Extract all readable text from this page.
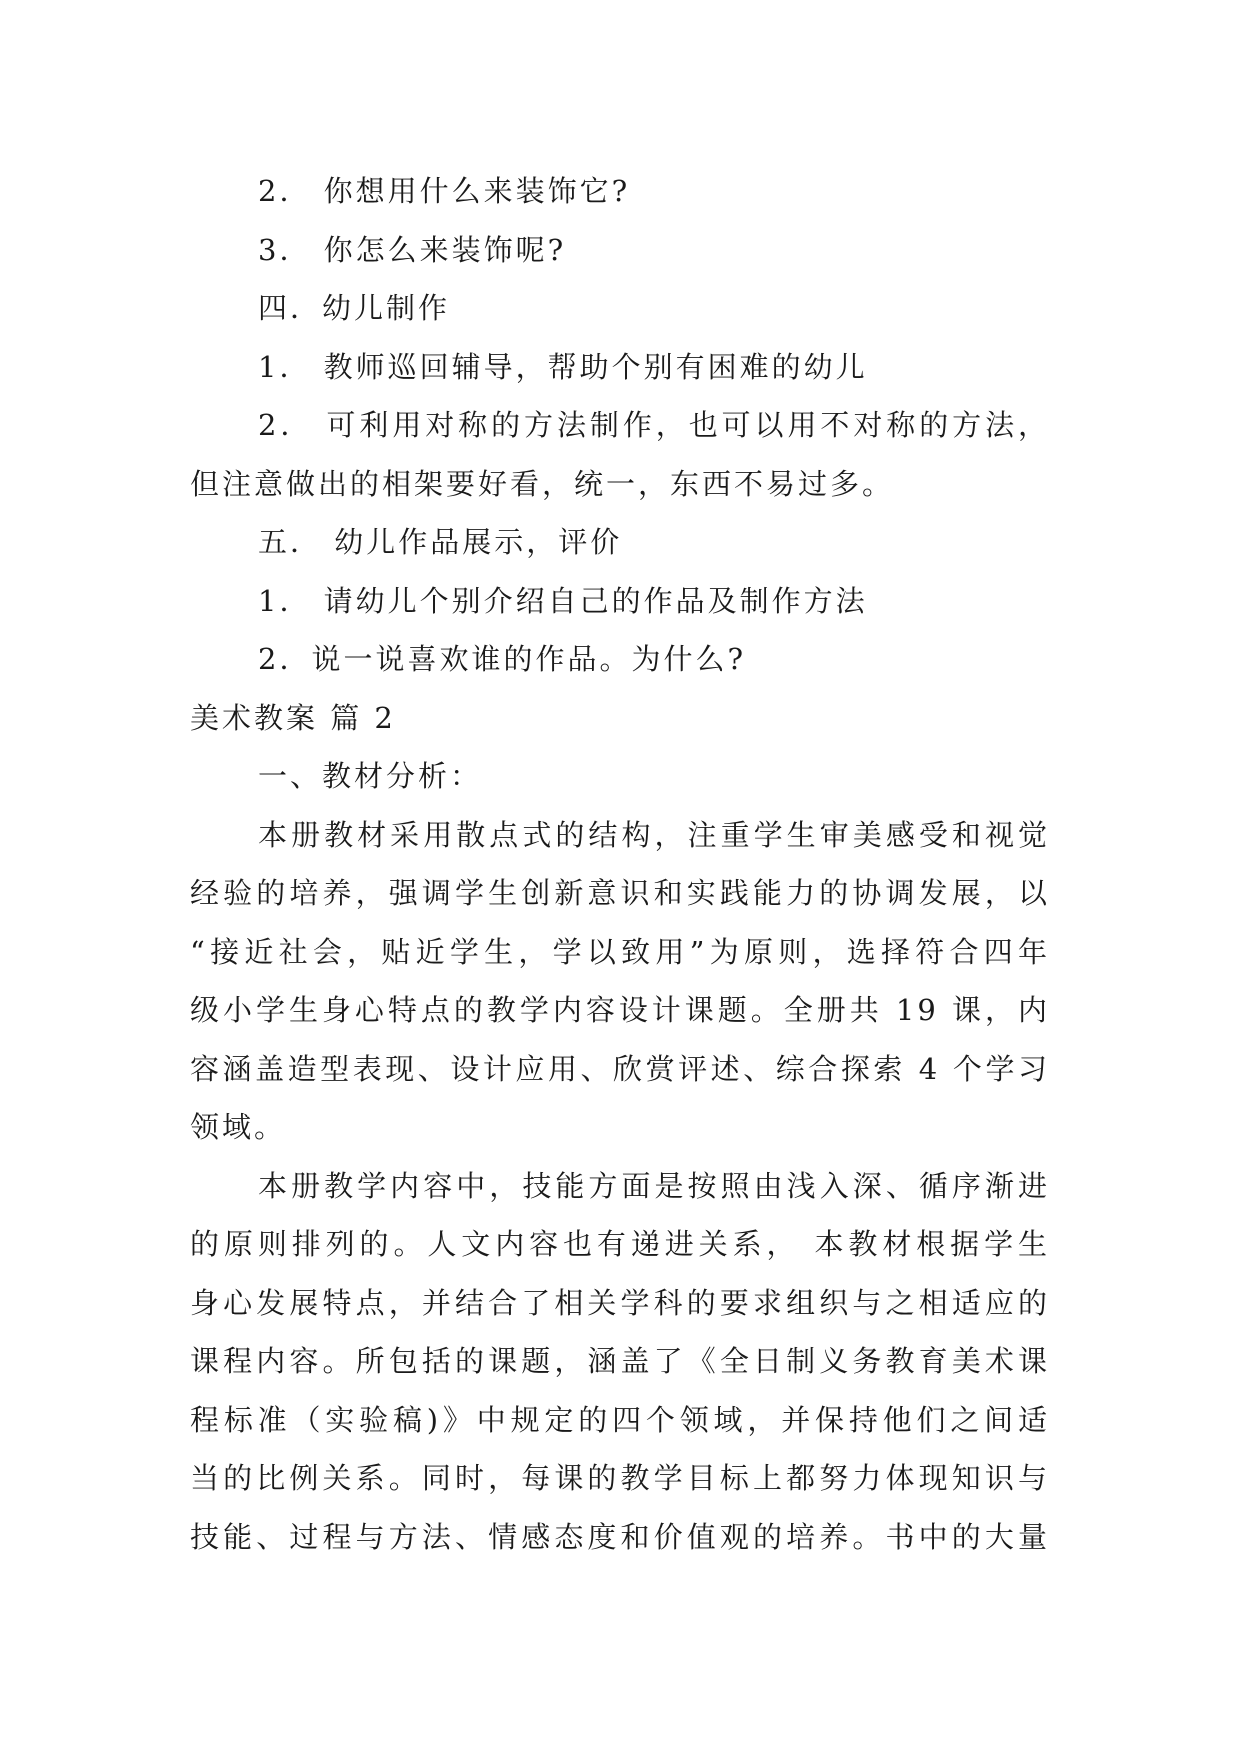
2． 你想用什么来装饰它?
3． 你怎么来装饰呢?
四．幼儿制作
1． 教师巡回辅导，帮助个别有困难的幼儿
2． 可利用对称的方法制作，也可以用不对称的方法，
但注意做出的相架要好看，统一，东西不易过多。
五． 幼儿作品展示，评价
1． 请幼儿个别介绍自己的作品及制作方法
2．说一说喜欢谁的作品。为什么?
美术教案 篇 2
一、教材分析：
本册教材采用散点式的结构，注重学生审美感受和视觉
经验的培养，强调学生创新意识和实践能力的协调发展，以
“接近社会，贴近学生，学以致用”为原则，选择符合四年
级小学生身心特点的教学内容设计课题。全册共 19 课，内
容涵盖造型表现、设计应用、欣赏评述、综合探索 4 个学习
领域。
本册教学内容中，技能方面是按照由浅入深、循序渐进
的原则排列的。人文内容也有递进关系， 本教材根据学生
身心发展特点，并结合了相关学科的要求组织与之相适应的
课程内容。所包括的课题，涵盖了《全日制义务教育美术课
程标准（实验稿)》中规定的四个领域，并保持他们之间适
当的比例关系。同时，每课的教学目标上都努力体现知识与
技能、过程与方法、情感态度和价值观的培养。书中的大量
